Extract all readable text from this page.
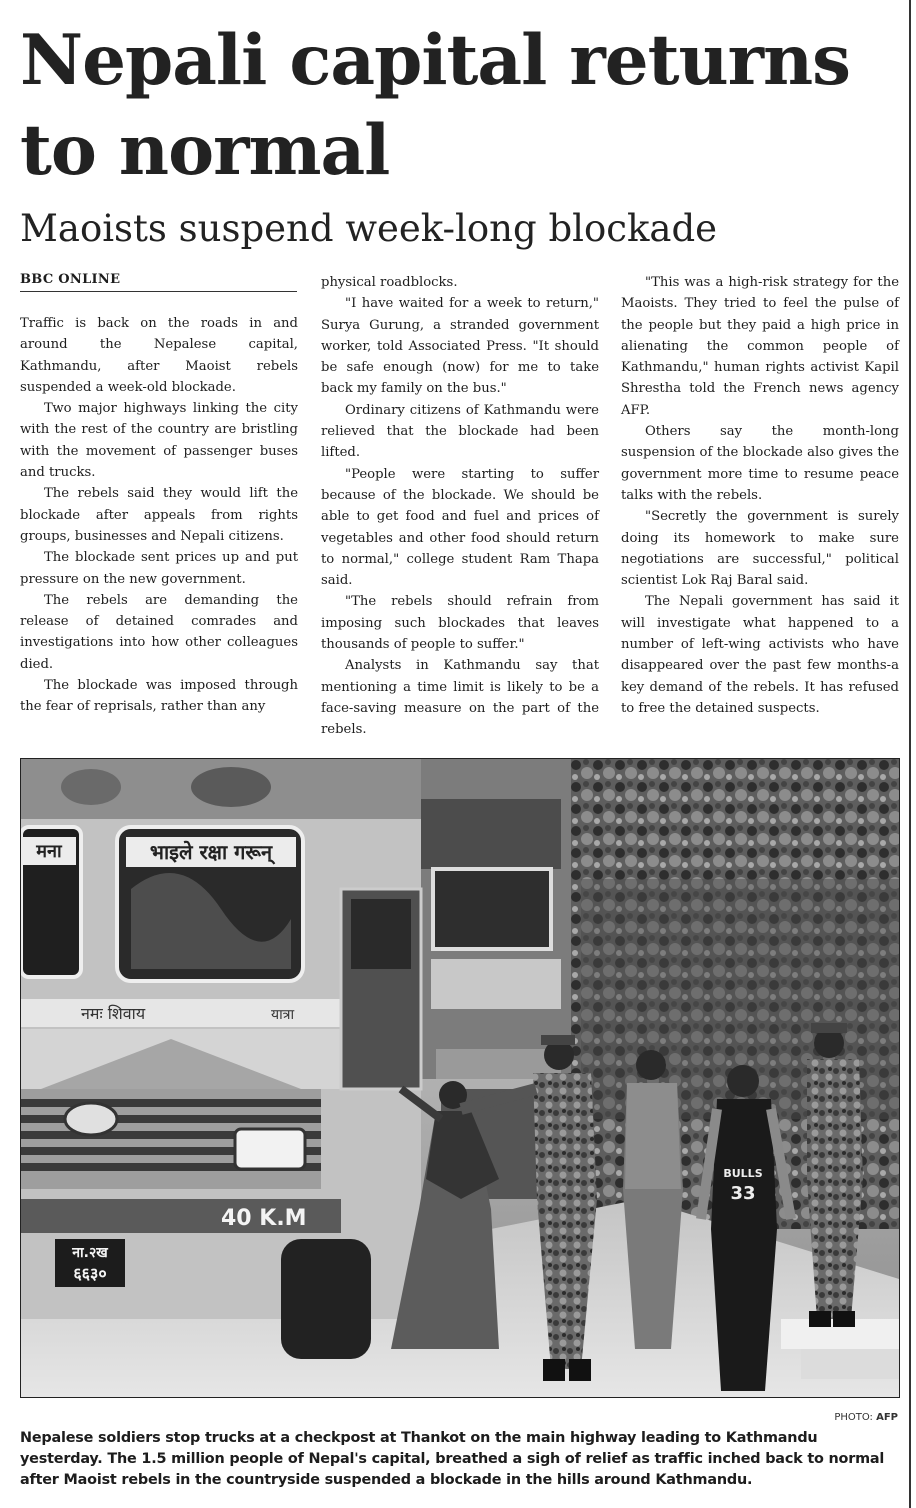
Nepali capital returns to normal
Maoists suspend week-long blockade
BBC ONLINE

Traffic is back on the roads in and around the Nepalese capital, Kathmandu, after Maoist rebels suspended a week-old blockade.

Two major highways linking the city with the rest of the country are bristling with the movement of passenger buses and trucks.

The rebels said they would lift the blockade after appeals from rights groups, businesses and Nepali citizens.

The blockade sent prices up and put pressure on the new government.

The rebels are demanding the release of detained comrades and investigations into how other colleagues died.

The blockade was imposed through the fear of reprisals, rather than any

physical roadblocks.

"I have waited for a week to return," Surya Gurung, a stranded government worker, told Associated Press. "It should be safe enough (now) for me to take back my family on the bus."

Ordinary citizens of Kathmandu were relieved that the blockade had been lifted.

"People were starting to suffer because of the blockade. We should be able to get food and fuel and prices of vegetables and other food should return to normal," college student Ram Thapa said.

"The rebels should refrain from imposing such blockades that leaves thousands of people to suffer."

Analysts in Kathmandu say that mentioning a time limit is likely to be a face-saving measure on the part of the rebels.

"This was a high-risk strategy for the Maoists. They tried to feel the pulse of the people but they paid a high price in alienating the common people of Kathmandu," human rights activist Kapil Shrestha told the French news agency AFP.

Others say the month-long suspension of the blockade also gives the government more time to resume peace talks with the rebels.

"Secretly the government is surely doing its homework to make sure negotiations are successful," political scientist Lok Raj Baral said.

The Nepali government has said it will investigate what happened to a number of left-wing activists who have disappeared over the past few months-a key demand of the rebels. It has refused to free the detained suspects.

भाइले रक्षा गरून्
मना
नमः शिवाय	यात्रा
40 K.M
ना.२ख
६६३०
BULLS
33
PHOTO: AFP

Nepalese soldiers stop trucks at a checkpost at Thankot on the main highway leading to Kathmandu yesterday. The 1.5 million people of Nepal's capital, breathed a sigh of relief as traffic inched back to normal after Maoist rebels in the countryside suspended a blockade in the hills around Kathmandu.
